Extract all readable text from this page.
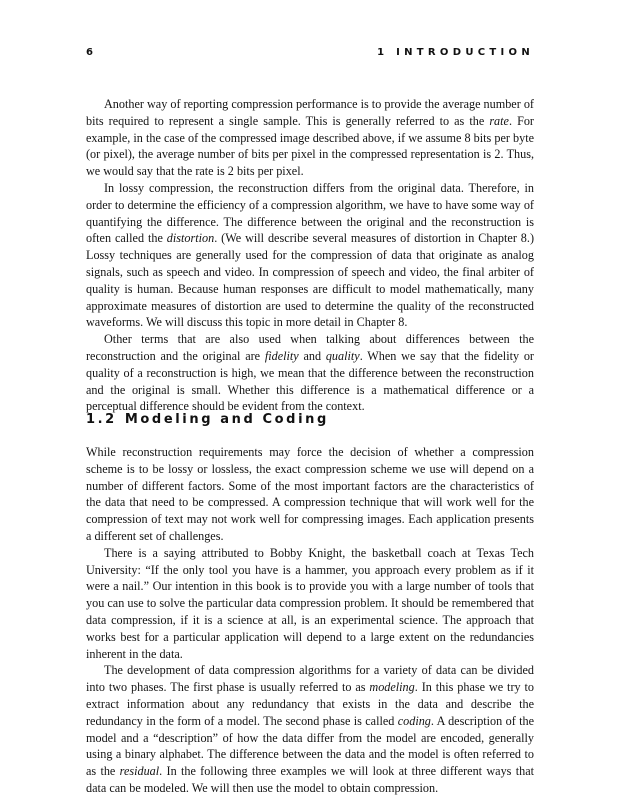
6	1 INTRODUCTION

Another way of reporting compression performance is to provide the average number of bits required to represent a single sample. This is generally referred to as the rate. For example, in the case of the compressed image described above, if we assume 8 bits per byte (or pixel), the average number of bits per pixel in the compressed representation is 2. Thus, we would say that the rate is 2 bits per pixel.

In lossy compression, the reconstruction differs from the original data. Therefore, in order to determine the efficiency of a compression algorithm, we have to have some way of quantifying the difference. The difference between the original and the reconstruction is often called the distortion. (We will describe several measures of distortion in Chapter 8.) Lossy techniques are generally used for the compression of data that originate as analog signals, such as speech and video. In compression of speech and video, the final arbiter of quality is human. Because human responses are difficult to model mathematically, many approximate measures of distortion are used to determine the quality of the reconstructed waveforms. We will discuss this topic in more detail in Chapter 8.

Other terms that are also used when talking about differences between the reconstruction and the original are fidelity and quality. When we say that the fidelity or quality of a reconstruction is high, we mean that the difference between the reconstruction and the original is small. Whether this difference is a mathematical difference or a perceptual difference should be evident from the context.

1.2 Modeling and Coding

While reconstruction requirements may force the decision of whether a compression scheme is to be lossy or lossless, the exact compression scheme we use will depend on a number of different factors. Some of the most important factors are the characteristics of the data that need to be compressed. A compression technique that will work well for the compression of text may not work well for compressing images. Each application presents a different set of challenges.

There is a saying attributed to Bobby Knight, the basketball coach at Texas Tech University: “If the only tool you have is a hammer, you approach every problem as if it were a nail.” Our intention in this book is to provide you with a large number of tools that you can use to solve the particular data compression problem. It should be remembered that data compression, if it is a science at all, is an experimental science. The approach that works best for a particular application will depend to a large extent on the redundancies inherent in the data.

The development of data compression algorithms for a variety of data can be divided into two phases. The first phase is usually referred to as modeling. In this phase we try to extract information about any redundancy that exists in the data and describe the redundancy in the form of a model. The second phase is called coding. A description of the model and a “description” of how the data differ from the model are encoded, generally using a binary alphabet. The difference between the data and the model is often referred to as the residual. In the following three examples we will look at three different ways that data can be modeled. We will then use the model to obtain compression.
